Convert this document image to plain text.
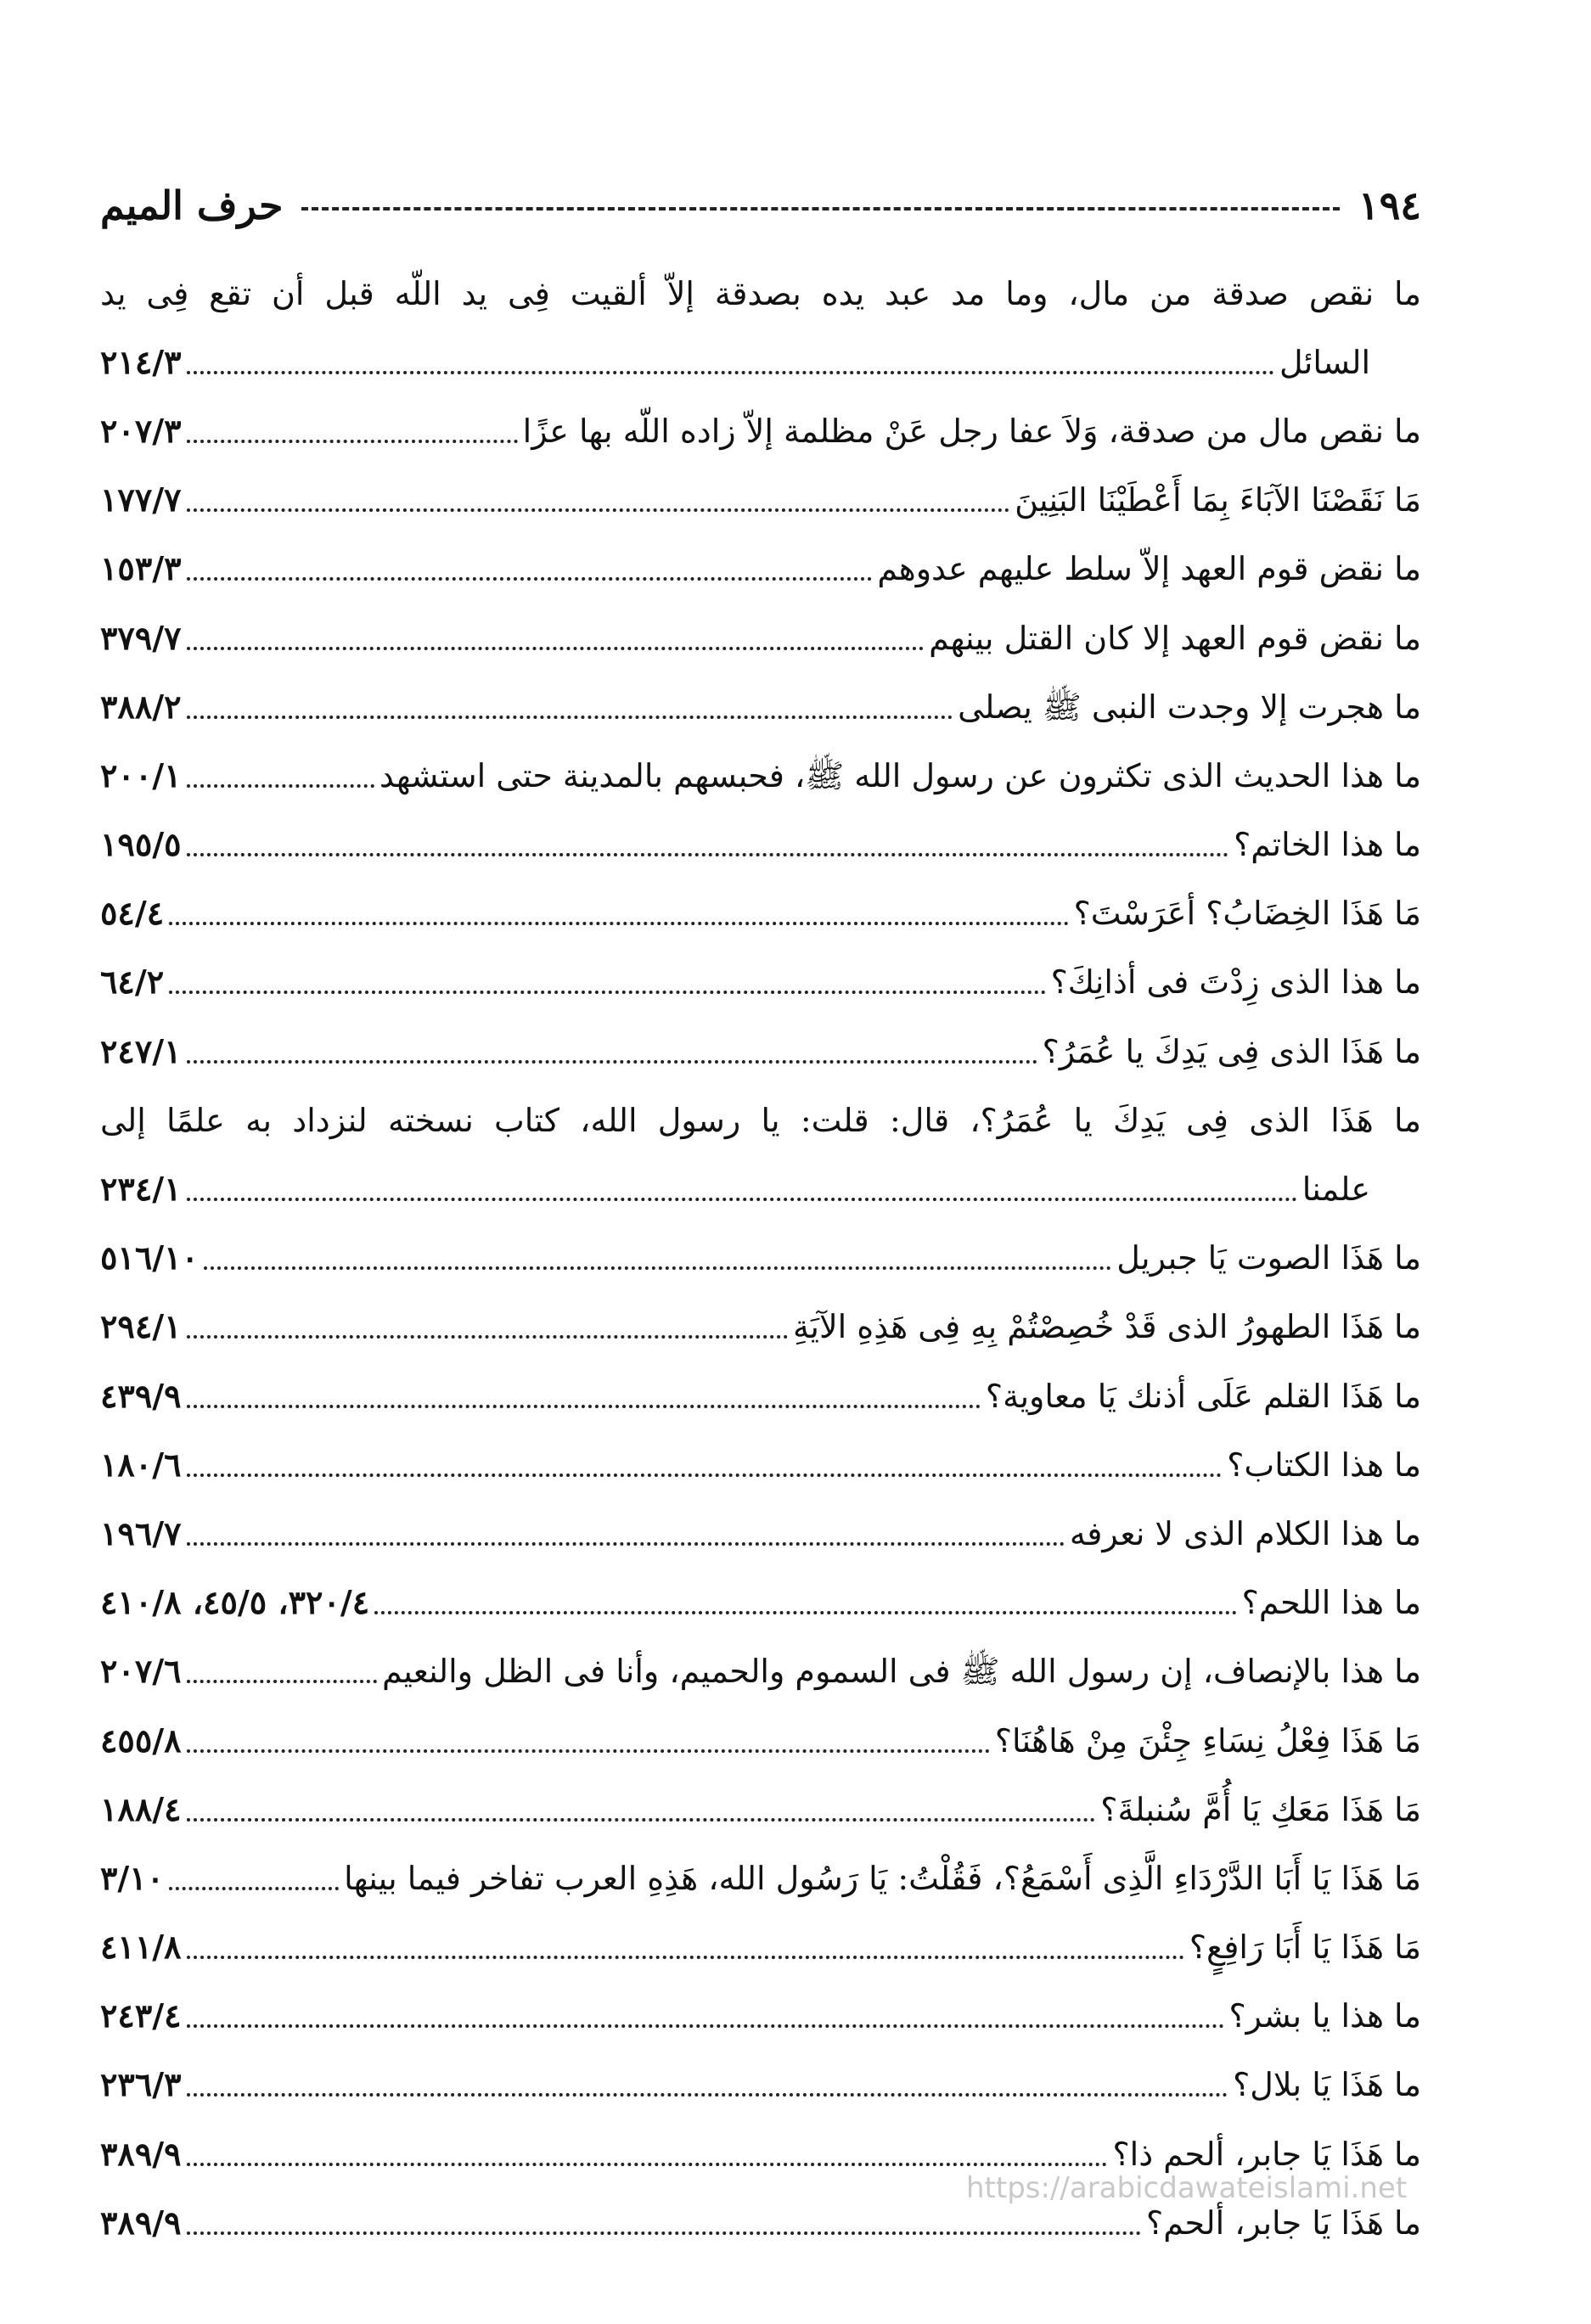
١٩٤
حرف الميم
ما نقص صدقة من مال، وما مد عبد يده بصدقة إلاّ ألقيت فِى يد اللّه قبل أن تقع فِى يد
السائل
٢١٤/٣
ما نقص مال من صدقة، وَلاَ عفا رجل عَنْ مظلمة إلاّ زاده اللّه بها عزًا
٢٠٧/٣
مَا نَقَصْنَا الآبَاءَ بِمَا أَعْطَيْنَا البَنِينَ
١٧٧/٧
ما نقض قوم العهد إلاّ سلط عليهم عدوهم
١٥٣/٣
ما نقض قوم العهد إلا كان القتل بينهم
٣٧٩/٧
ما هجرت إلا وجدت النبى ﷺ يصلى
٣٨٨/٢
ما هذا الحديث الذى تكثرون عن رسول الله ﷺ، فحبسهم بالمدينة حتى استشهد
٢٠٠/١
ما هذا الخاتم؟
١٩٥/٥
مَا هَذَا الخِضَابُ؟ أعَرَسْتَ؟
٥٤/٤
ما هذا الذى زِدْتَ فى أذانِكَ؟
٦٤/٢
ما هَذَا الذى فِى يَدِكَ يا عُمَرُ؟
٢٤٧/١
ما هَذَا الذى فِى يَدِكَ يا عُمَرُ؟، قال: قلت: يا رسول الله، كتاب نسخته لنزداد به علمًا إلى
علمنا
٢٣٤/١
ما هَذَا الصوت يَا جبريل
٥١٦/١٠
ما هَذَا الطهورُ الذى قَدْ خُصِصْتُمْ بِهِ فِى هَذِهِ الآيَةِ
٢٩٤/١
ما هَذَا القلم عَلَى أذنك يَا معاوية؟
٤٣٩/٩
ما هذا الكتاب؟
١٨٠/٦
ما هذا الكلام الذى لا نعرفه
١٩٦/٧
ما هذا اللحم؟
٣٢٠/٤، ٤٥/٥، ٤١٠/٨
ما هذا بالإنصاف، إن رسول الله ﷺ فى السموم والحميم، وأنا فى الظل والنعيم
٢٠٧/٦
مَا هَذَا فِعْلُ نِسَاءِ جِئْنَ مِنْ هَاهُنَا؟
٤٥٥/٨
مَا هَذَا مَعَكِ يَا أُمَّ سُنبلةَ؟
١٨٨/٤
مَا هَذَا يَا أَبَا الدَّرْدَاءِ الَّذِى أَسْمَعُ؟، فَقُلْتُ: يَا رَسُول الله، هَذِهِ العرب تفاخر فيما بينها
٣/١٠
مَا هَذَا يَا أَبَا رَافِعٍ؟
٤١١/٨
ما هذا يا بشر؟
٢٤٣/٤
ما هَذَا يَا بلال؟
٢٣٦/٣
ما هَذَا يَا جابر، ألحم ذا؟
٣٨٩/٩
ما هَذَا يَا جابر، ألحم؟
٣٨٩/٩
https://arabicdawateislami.net
